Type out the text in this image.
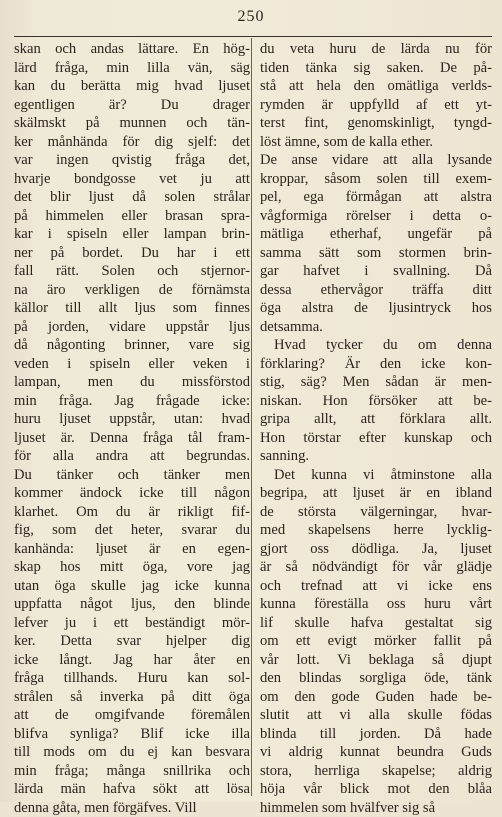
250
skan och andas lättare. En hög-
lärd fråga, min lilla vän, säg
kan du berätta mig hvad ljuset
egentligen är? Du drager
skälmskt på munnen och tän-
ker månhända för dig sjelf: det
var ingen qvistig fråga det,
hvarje bondgosse vet ju att
det blir ljust då solen strålar
på himmelen eller brasan spra-
kar i spiseln eller lampan brin-
ner på bordet. Du har i ett
fall rätt. Solen och stjernor-
na äro verkligen de förnämsta
källor till allt ljus som finnes
på jorden, vidare uppstår ljus
då någonting brinner, vare sig
veden i spiseln eller veken i
lampan, men du missförstod
min fråga. Jag frågade icke:
huru ljuset uppstår, utan: hvad
ljuset är. Denna fråga tål fram-
för alla andra att begrundas.
Du tänker och tänker men
kommer ändock icke till någon
klarhet. Om du är rikligt fif-
fig, som det heter, svarar du
kanhända: ljuset är en egen-
skap hos mitt öga, vore jag
utan öga skulle jag icke kunna
uppfatta något ljus, den blinde
lefver ju i ett beständigt mör-
ker. Detta svar hjelper dig
icke långt. Jag har åter en
fråga tillhands. Huru kan sol-
strålen så inverka på ditt öga
att de omgifvande föremålen
blifva synliga? Blif icke illa
till mods om du ej kan besvara
min fråga; många snillrika och
lärda män hafva sökt att lösa
denna gåta, men förgäfves. Vill
du veta huru de lärda nu för
tiden tänka sig saken. De på-
stå att hela den omätliga verlds-
rymden är uppfylld af ett yt-
terst fint, genomskinligt, tyngd-
löst ämne, som de kalla ether.
De anse vidare att alla lysande
kroppar, såsom solen till exem-
pel, ega förmågan att alstra
vågformiga rörelser i detta o-
mätliga etherhaf, ungefär på
samma sätt som stormen brin-
gar hafvet i svallning. Då
dessa ethervågor träffa ditt
öga alstra de ljusintryck hos
detsamma.
Hvad tycker du om denna
förklaring? Är den icke kon-
stig, säg? Men sådan är men-
niskan. Hon försöker att be-
gripa allt, att förklara allt.
Hon törstar efter kunskap och
sanning.
Det kunna vi åtminstone alla
begripa, att ljuset är en ibland
de största välgerningar, hvar-
med skapelsens herre lycklig-
gjort oss dödliga. Ja, ljuset
är så nödvändigt för vår glädje
och trefnad att vi icke ens
kunna föreställa oss huru vårt
lif skulle hafva gestaltat sig
om ett evigt mörker fallit på
vår lott. Vi beklaga så djupt
den blindas sorgliga öde, tänk
om den gode Guden hade be-
slutit att vi alla skulle födas
blinda till jorden. Då hade
vi aldrig kunnat beundra Guds
stora, herrliga skapelse; aldrig
höja vår blick mot den blåa
himmelen som hvälfver sig så
